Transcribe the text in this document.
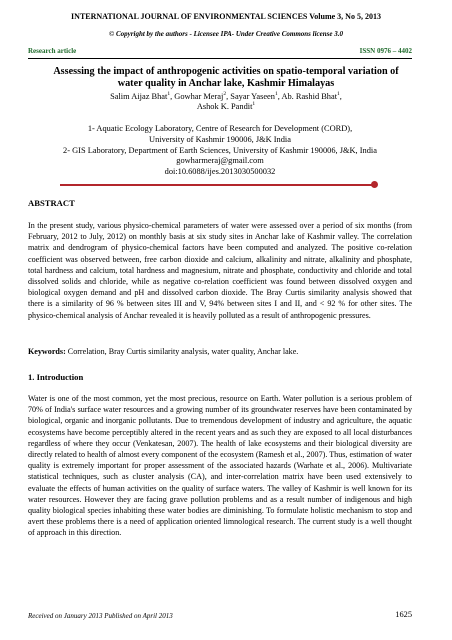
INTERNATIONAL JOURNAL OF ENVIRONMENTAL SCIENCES Volume 3, No 5, 2013
© Copyright by the authors - Licensee IPA- Under Creative Commons license 3.0
Research article	ISSN 0976 – 4402
Assessing the impact of anthropogenic activities on spatio-temporal variation of water quality in Anchar lake, Kashmir Himalayas
Salim Aijaz Bhat$^1$, Gowhar Meraj$^2$, Sayar Yaseen$^1$, Ab. Rashid Bhat$^1$,
Ashok K. Pandit$^1$
1- Aquatic Ecology Laboratory, Centre of Research for Development (CORD),
University of Kashmir 190006, J&K India
2- GIS Laboratory, Department of Earth Sciences, University of Kashmir 190006, J&K, India
gowharmeraj@gmail.com
doi:10.6088/ijes.2013030500032
ABSTRACT
In the present study, various physico-chemical parameters of water were assessed over a period of six months (from February, 2012 to July, 2012) on monthly basis at six study sites in Anchar lake of Kashmir valley. The correlation matrix and dendrogram of physico-chemical factors have been computed and analyzed. The positive co-relation coefficient was observed between, free carbon dioxide and calcium, alkalinity and nitrate, alkalinity and phosphate, total hardness and calcium, total hardness and magnesium, nitrate and phosphate, conductivity and chloride and total dissolved solids and chloride, while as negative co-relation coefficient was found between dissolved oxygen and biological oxygen demand and pH and dissolved carbon dioxide. The Bray Curtis similarity analysis showed that there is a similarity of 96 % between sites III and V, 94% between sites I and II, and < 92 % for other sites. The physico-chemical analysis of Anchar revealed it is heavily polluted as a result of anthropogenic pressures.
Keywords: Correlation, Bray Curtis similarity analysis, water quality, Anchar lake.
1. Introduction
Water is one of the most common, yet the most precious, resource on Earth. Water pollution is a serious problem of 70% of India's surface water resources and a growing number of its groundwater reserves have been contaminated by biological, organic and inorganic pollutants. Due to tremendous development of industry and agriculture, the aquatic ecosystems have become perceptibly altered in the recent years and as such they are exposed to all local disturbances regardless of where they occur (Venkatesan, 2007). The health of lake ecosystems and their biological diversity are directly related to health of almost every component of the ecosystem (Ramesh et al., 2007). Thus, estimation of water quality is extremely important for proper assessment of the associated hazards (Warhate et al., 2006). Multivariate statistical techniques, such as cluster analysis (CA), and inter-correlation matrix have been used extensively to evaluate the effects of human activities on the quality of surface waters. The valley of Kashmir is well known for its water resources. However they are facing grave pollution problems and as a result number of indigenous and high quality biological species inhabiting these water bodies are diminishing. To formulate holistic mechanism to stop and avert these problems there is a need of application oriented limnological research. The current study is a well thought of approach in this direction.
Received on January 2013 Published on April 2013	1625
